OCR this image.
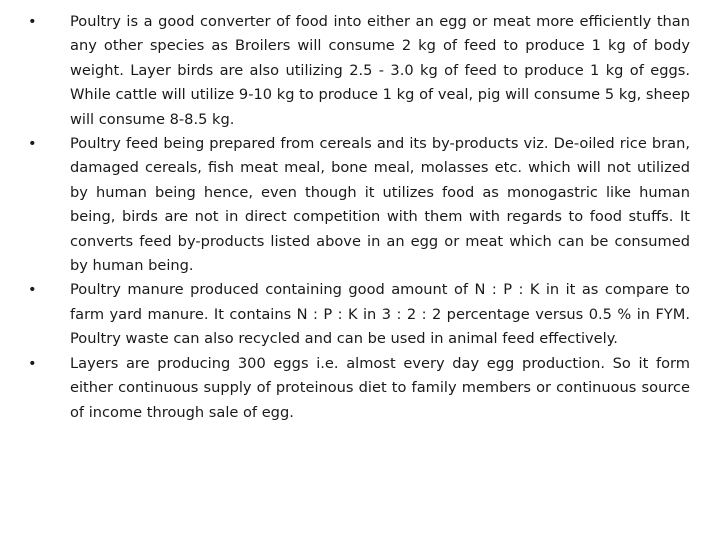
•	Poultry is a good converter of food into either an egg or meat more efficiently than any other species as Broilers will consume 2 kg of feed to produce 1 kg of body weight. Layer birds are also utilizing 2.5 - 3.0 kg of feed to produce 1 kg of eggs. While cattle will utilize 9-10 kg to produce 1 kg of veal, pig will consume 5 kg, sheep will consume 8-8.5 kg.
•	Poultry feed being prepared from cereals and its by-products viz. De-oiled rice bran, damaged cereals, fish meat meal, bone meal, molasses etc. which will not utilized by human being hence, even though it utilizes food as monogastric like human being, birds are not in direct competition with them with regards to food stuffs. It converts feed by-products listed above in an egg or meat which can be consumed by human being.
•	Poultry manure produced containing good amount of N : P : K in it as compare to farm yard manure. It contains N : P : K in 3 : 2 : 2 percentage versus 0.5 % in FYM. Poultry waste can also recycled and can be used in animal feed effectively.
•	Layers are producing 300 eggs i.e. almost every day egg production. So it form either continuous supply of proteinous diet to family members or continuous source of income through sale of egg.
